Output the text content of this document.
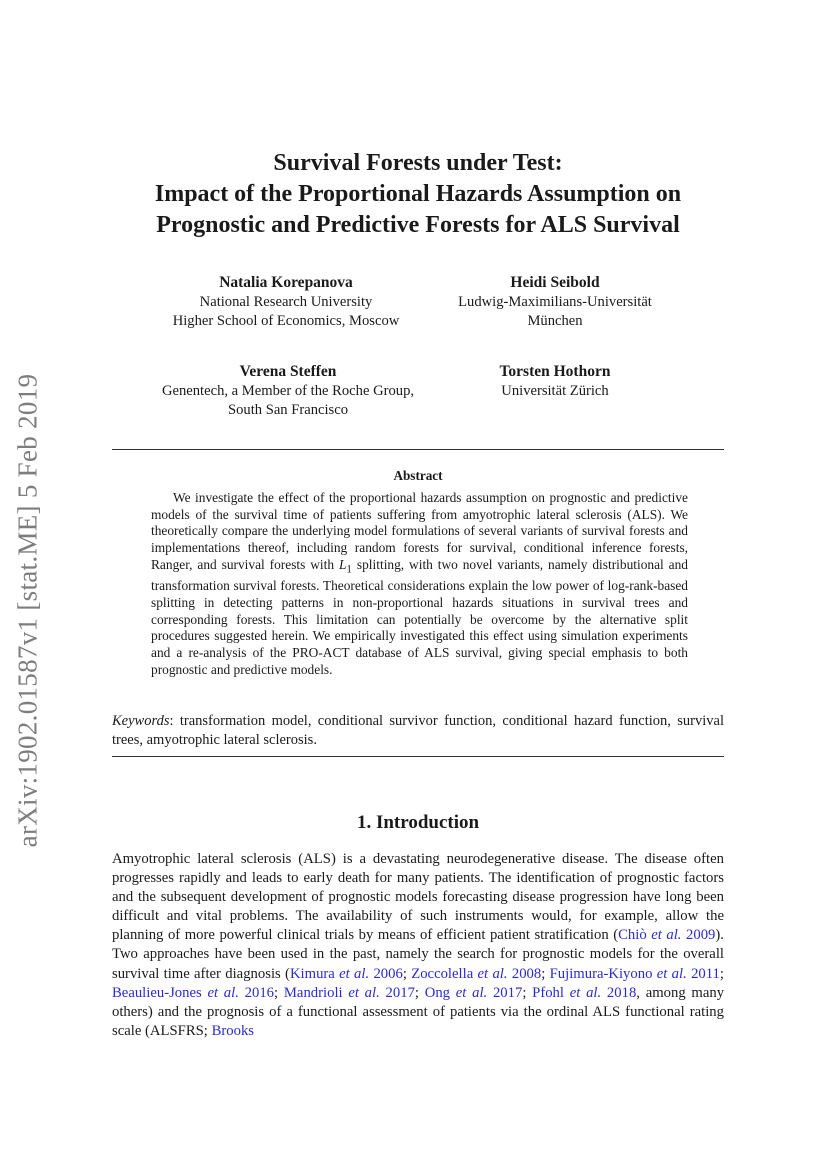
arXiv:1902.01587v1 [stat.ME] 5 Feb 2019
Survival Forests under Test:
Impact of the Proportional Hazards Assumption on
Prognostic and Predictive Forests for ALS Survival
Natalia Korepanova
National Research University
Higher School of Economics, Moscow
Heidi Seibold
Ludwig-Maximilians-Universität
München
Verena Steffen
Genentech, a Member of the Roche Group,
South San Francisco
Torsten Hothorn
Universität Zürich
Abstract

We investigate the effect of the proportional hazards assumption on prognostic and predictive models of the survival time of patients suffering from amyotrophic lateral sclerosis (ALS). We theoretically compare the underlying model formulations of several variants of survival forests and implementations thereof, including random forests for survival, conditional inference forests, Ranger, and survival forests with $L_1$ splitting, with two novel variants, namely distributional and transformation survival forests. Theoretical considerations explain the low power of log-rank-based splitting in detecting patterns in non-proportional hazards situations in survival trees and corresponding forests. This limitation can potentially be overcome by the alternative split procedures suggested herein. We empirically investigated this effect using simulation experiments and a re-analysis of the PRO-ACT database of ALS survival, giving special emphasis to both prognostic and predictive models.

Keywords: transformation model, conditional survivor function, conditional hazard function, survival trees, amyotrophic lateral sclerosis.

1. Introduction

Amyotrophic lateral sclerosis (ALS) is a devastating neurodegenerative disease. The disease often progresses rapidly and leads to early death for many patients. The identification of prognostic factors and the subsequent development of prognostic models forecasting disease progression have long been difficult and vital problems. The availability of such instruments would, for example, allow the planning of more powerful clinical trials by means of efficient patient stratification (Chiò et al. 2009). Two approaches have been used in the past, namely the search for prognostic models for the overall survival time after diagnosis (Kimura et al. 2006; Zoccolella et al. 2008; Fujimura-Kiyono et al. 2011; Beaulieu-Jones et al. 2016; Mandrioli et al. 2017; Ong et al. 2017; Pfohl et al. 2018, among many others) and the prognosis of a functional assessment of patients via the ordinal ALS functional rating scale (ALSFRS; Brooks
